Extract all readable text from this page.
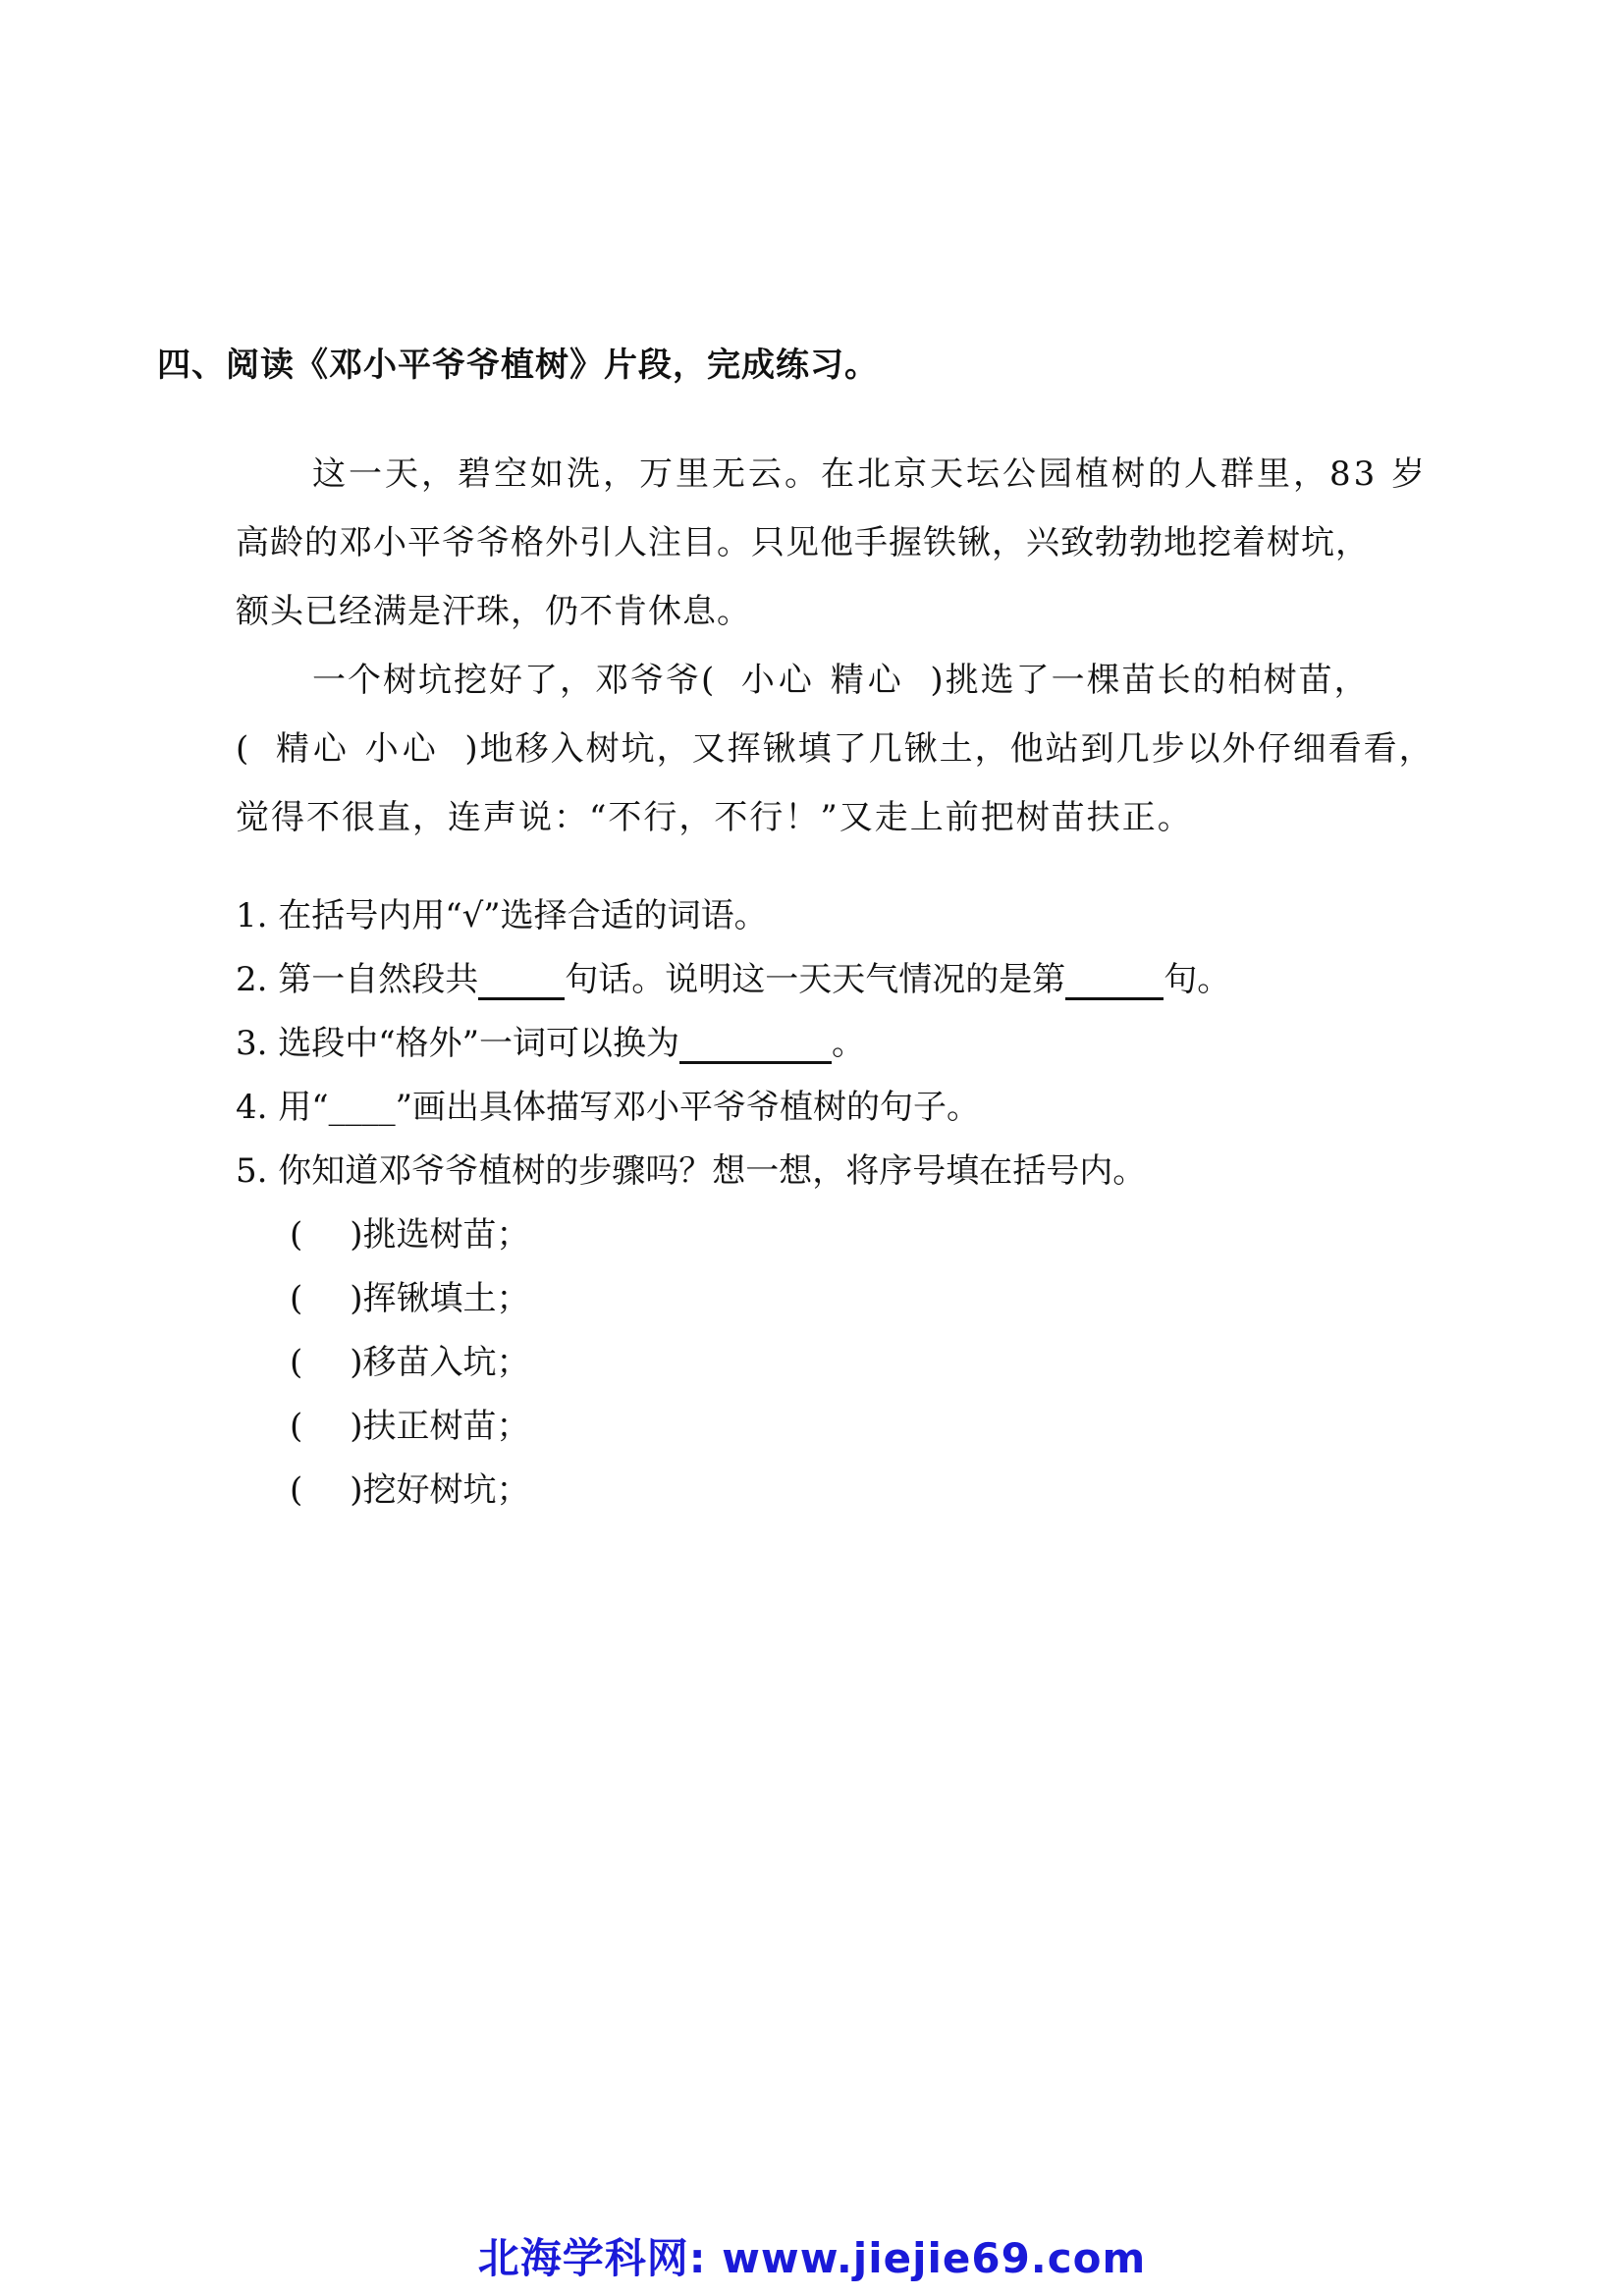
四、阅读《邓小平爷爷植树》片段，完成练习。
这一天，碧空如洗，万里无云。在北京天坛公园植树的人群里，83 岁
高龄的邓小平爷爷格外引人注目。只见他手握铁锹，兴致勃勃地挖着树坑，
额头已经满是汗珠，仍不肯休息。
一个树坑挖好了，邓爷爷( 小心 精心 )挑选了一棵苗长的柏树苗，
( 精心 小心 )地移入树坑，又挥锹填了几锹土，他站到几步以外仔细看看，
觉得不很直，连声说：“不行，不行！”又走上前把树苗扶正。
1. 在括号内用“√”选择合适的词语。
2. 第一自然段共	句话。说明这一天天气情况的是第	句。
3. 选段中“格外”一词可以换为	。
4. 用“____”画出具体描写邓小平爷爷植树的句子。
5. 你知道邓爷爷植树的步骤吗？想一想，将序号填在括号内。
( )挑选树苗；
( )挥锹填土；
( )移苗入坑；
( )扶正树苗；
( )挖好树坑；
北海学科网: www.jiejie69.com
